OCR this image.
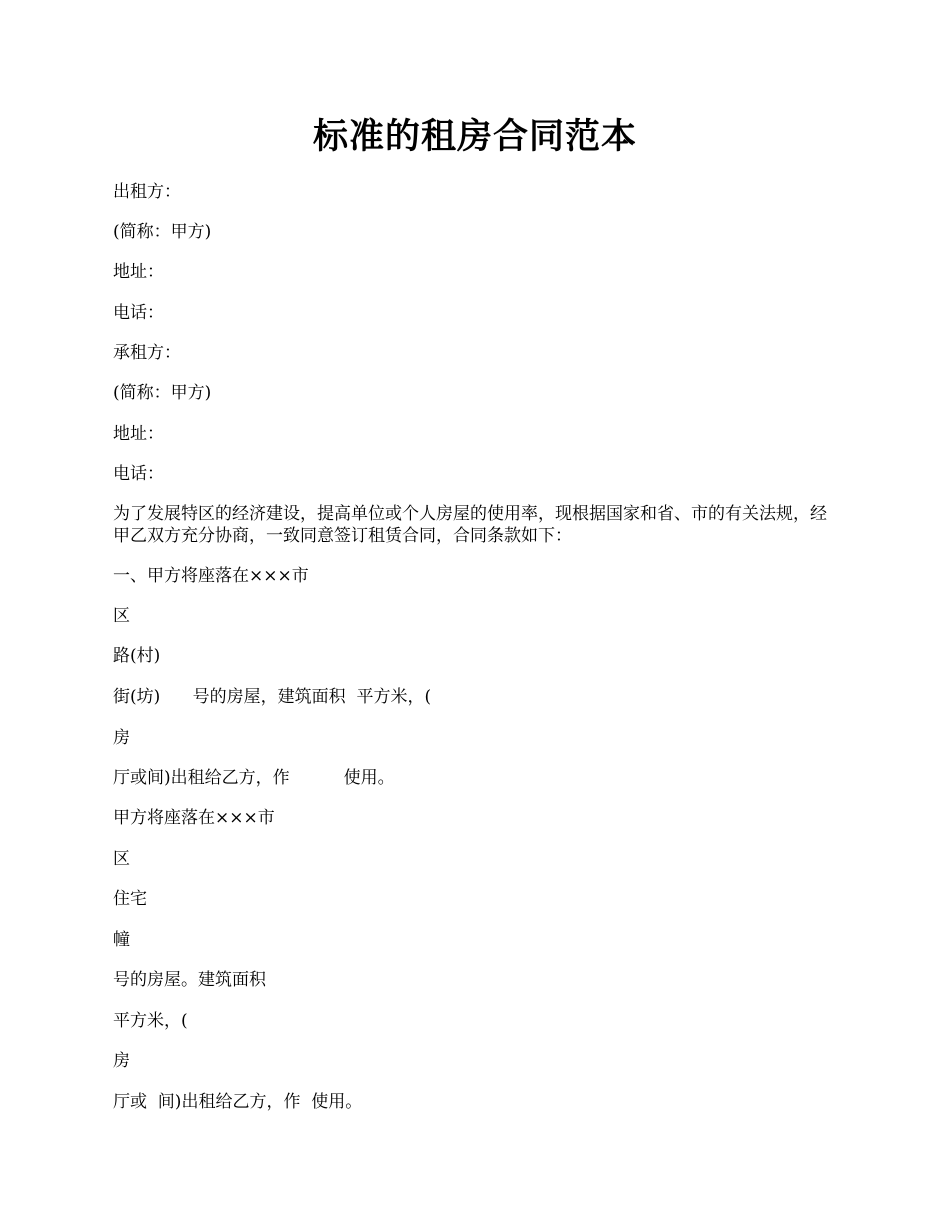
标准的租房合同范本
出租方：
(简称：甲方)
地址：
电话：
承租方：
(简称：甲方)
地址：
电话：
为了发展特区的经济建设，提高单位或个人房屋的使用率，现根据国家和省、市的有关法规，经甲乙双方充分协商，一致同意签订租赁合同，合同条款如下：
一、甲方将座落在×××市
区
路(村)
街(坊)      号的房屋，建筑面积  平方米，(
房
厅或间)出租给乙方，作          使用。
甲方将座落在×××市
区
住宅
幢
号的房屋。建筑面积
平方米，(
房
厅或  间)出租给乙方，作  使用。
